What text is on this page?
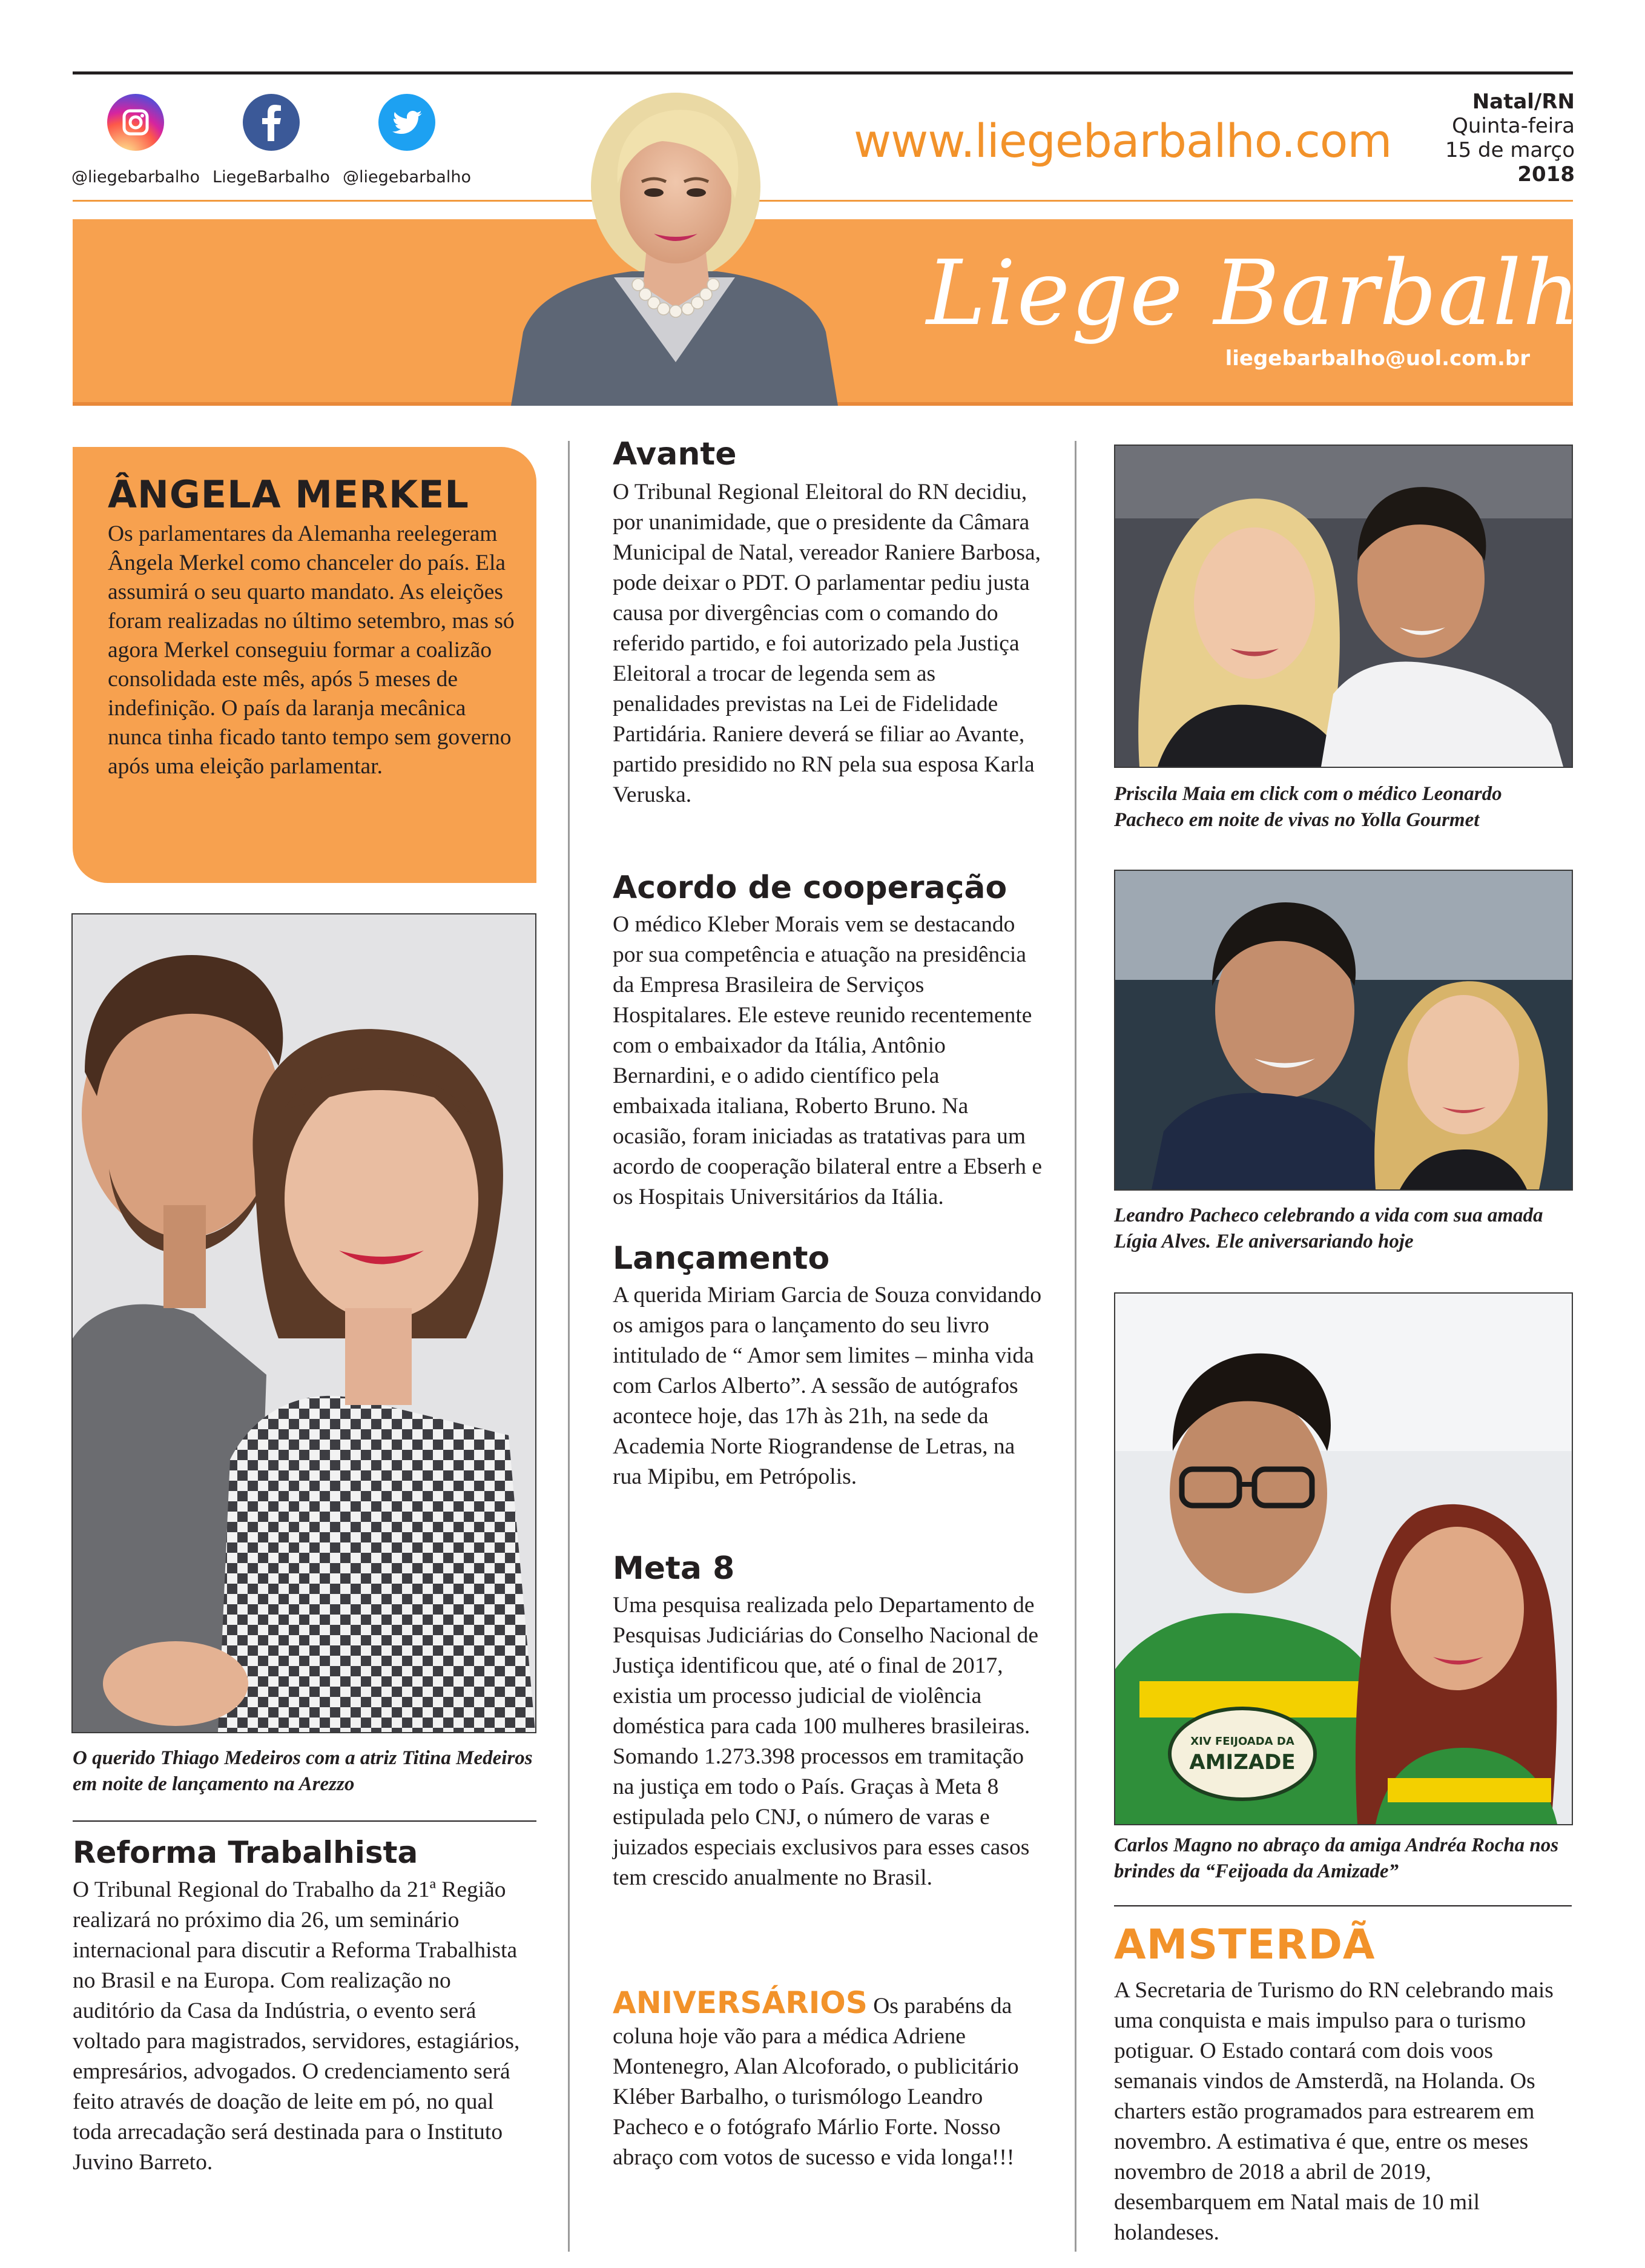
@liegebarbalho LiegeBarbalho @liegebarbalho
www.liegebarbalho.com
Natal/RN
Quinta-feira
15 de março
2018
Liege Barbalho
liegebarbalho@uol.com.br
ÂNGELA MERKEL

Os parlamentares da Alemanha reelegeram Ângela Merkel como chanceler do país. Ela assumirá o seu quarto mandato. As eleições foram realizadas no último setembro, mas só agora Merkel conseguiu formar a coalizão consolidada este mês, após 5 meses de indefinição. O país da laranja mecânica nunca tinha ficado tanto tempo sem governo após uma eleição parlamentar.

O querido Thiago Medeiros com a atriz Titina Medeiros em noite de lançamento na Arezzo
Reforma Trabalhista

O Tribunal Regional do Trabalho da 21ª Região realizará no próximo dia 26, um seminário internacional para discutir a Reforma Trabalhista no Brasil e na Europa. Com realização no auditório da Casa da Indústria, o evento será voltado para magistrados, servidores, estagiários, empresários, advogados. O credenciamento será feito através de doação de leite em pó, no qual toda arrecadação será destinada para o Instituto Juvino Barreto.

Avante

O Tribunal Regional Eleitoral do RN decidiu, por unanimidade, que o presidente da Câmara Municipal de Natal, vereador Raniere Barbosa, pode deixar o PDT. O parlamentar pediu justa causa por divergências com o comando do referido partido, e foi autorizado pela Justiça Eleitoral a trocar de legenda sem as penalidades previstas na Lei de Fidelidade Partidária. Raniere deverá se filiar ao Avante, partido presidido no RN pela sua esposa Karla Veruska.

Acordo de cooperação

O médico Kleber Morais vem se destacando por sua competência e atuação na presidência da Empresa Brasileira de Serviços Hospitalares. Ele esteve reunido recentemente com o embaixador da Itália, Antônio Bernardini, e o adido científico pela embaixada italiana, Roberto Bruno. Na ocasião, foram iniciadas as tratativas para um acordo de cooperação bilateral entre a Ebserh e os Hospitais Universitários da Itália.

Lançamento

A querida Miriam Garcia de Souza convidando os amigos para o lançamento do seu livro intitulado de “ Amor sem limites – minha vida com Carlos Alberto”. A sessão de autógrafos acontece hoje, das 17h às 21h, na sede da Academia Norte Riograndense de Letras, na rua Mipibu, em Petrópolis.

Meta 8

Uma pesquisa realizada pelo Departamento de Pesquisas Judiciárias do Conselho Nacional de Justiça identificou que, até o final de 2017, existia um processo judicial de violência doméstica para cada 100 mulheres brasileiras. Somando 1.273.398 processos em tramitação na justiça em todo o País. Graças à Meta 8 estipulada pelo CNJ, o número de varas e juizados especiais exclusivos para esses casos tem crescido anualmente no Brasil.

ANIVERSÁRIOS Os parabéns da coluna hoje vão para a médica Adriene Montenegro, Alan Alcoforado, o publicitário Kléber Barbalho, o turismólogo Leandro Pacheco e o fotógrafo Márlio Forte. Nosso abraço com votos de sucesso e vida longa!!!

Priscila Maia em click com o médico Leonardo Pacheco em noite de vivas no Yolla Gourmet
Leandro Pacheco celebrando a vida com sua amada Lígia Alves. Ele aniversariando hoje
XIV FEIJOADA DA
AMIZADE
Carlos Magno no abraço da amiga Andréa Rocha nos brindes da “Feijoada da Amizade”
AMSTERDÃ

A Secretaria de Turismo do RN celebrando mais uma conquista e mais impulso para o turismo potiguar. O Estado contará com dois voos semanais vindos de Amsterdã, na Holanda. Os charters estão programados para estrearem em novembro. A estimativa é que, entre os meses novembro de 2018 a abril de 2019, desembarquem em Natal mais de 10 mil holandeses.
